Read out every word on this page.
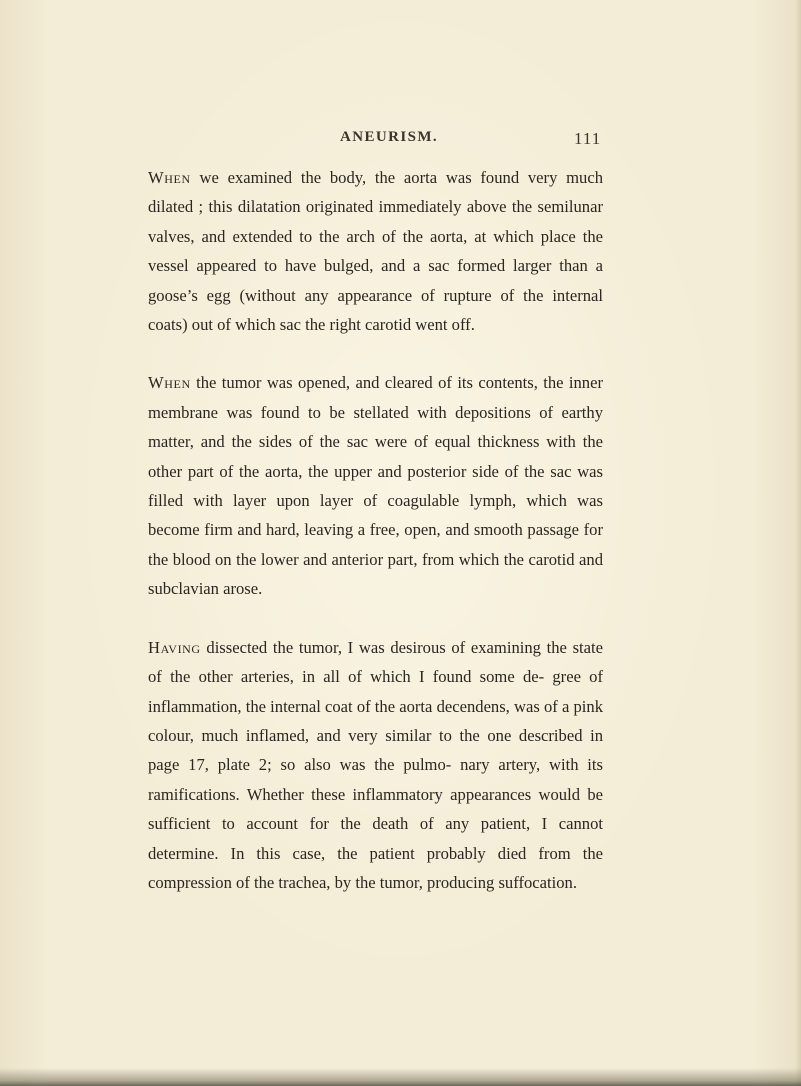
ANEURISM.	111

When we examined the body, the aorta was found very much dilated ; this dilatation originated immediately above the semilunar valves, and extended to the arch of the aorta, at which place the vessel appeared to have bulged, and a sac formed larger than a goose’s egg (without any appearance of rupture of the internal coats) out of which sac the right carotid went off.

When the tumor was opened, and cleared of its contents, the inner membrane was found to be stellated with depositions of earthy matter, and the sides of the sac were of equal thickness with the other part of the aorta, the upper and posterior side of the sac was filled with layer upon layer of coagulable lymph, which was become firm and hard, leaving a free, open, and smooth passage for the blood on the lower and anterior part, from which the carotid and subclavian arose.

Having dissected the tumor, I was desirous of examining the state of the other arteries, in all of which I found some de- gree of inflammation, the internal coat of the aorta decendens, was of a pink colour, much inflamed, and very similar to the one described in page 17, plate 2; so also was the pulmo- nary artery, with its ramifications. Whether these inflammatory appearances would be sufficient to account for the death of any patient, I cannot determine. In this case, the patient probably died from the compression of the trachea, by the tumor, producing suffocation.
